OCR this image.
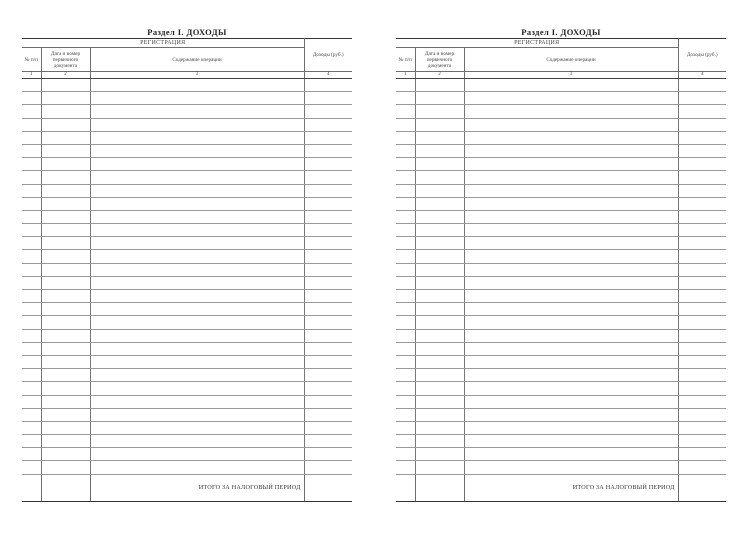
Раздел I. ДОХОДЫ
РЕГИСТРАЦИЯ			Доходы (руб.)
№ п/п	Дата и номер первичного документа	Содержание операции	
1	2	3	4

		ИТОГО ЗА НАЛОГОВЫЙ ПЕРИОД	
Раздел I. ДОХОДЫ
РЕГИСТРАЦИЯ			Доходы (руб.)
№ п/п	Дата и номер первичного документа	Содержание операции	
1	2	3	4

		ИТОГО ЗА НАЛОГОВЫЙ ПЕРИОД	
